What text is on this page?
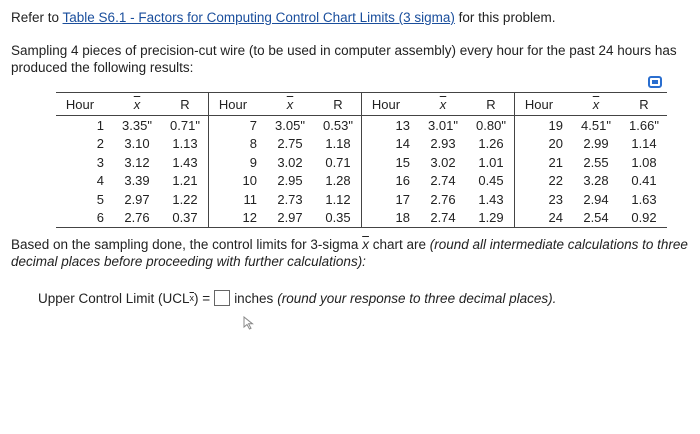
Refer to Table S6.1 - Factors for Computing Control Chart Limits (3 sigma) for this problem.
Sampling 4 pieces of precision-cut wire (to be used in computer assembly) every hour for the past 24 hours has produced the following results:
Hour	$\overline{x}$	R	Hour	$\overline{x}$	R	Hour	$\overline{x}$	R	Hour	$\overline{x}$	R
1	3.35"	0.71"	7	3.05"	0.53"	13	3.01"	0.80"	19	4.51"	1.66"
2	3.10	1.13	8	2.75	1.18	14	2.93	1.26	20	2.99	1.14
3	3.12	1.43	9	3.02	0.71	15	3.02	1.01	21	2.55	1.08
4	3.39	1.21	10	2.95	1.28	16	2.74	0.45	22	3.28	0.41
5	2.97	1.22	11	2.73	1.12	17	2.76	1.43	23	2.94	1.63
6	2.76	0.37	12	2.97	0.35	18	2.74	1.29	24	2.54	0.92
Based on the sampling done, the control limits for 3-sigma $\overline{x}$ chart are (round all intermediate calculations to three decimal places before proceeding with further calculations):
Upper Control Limit (UCL $\overline{x}$ ) = inches (round your response to three decimal places).
